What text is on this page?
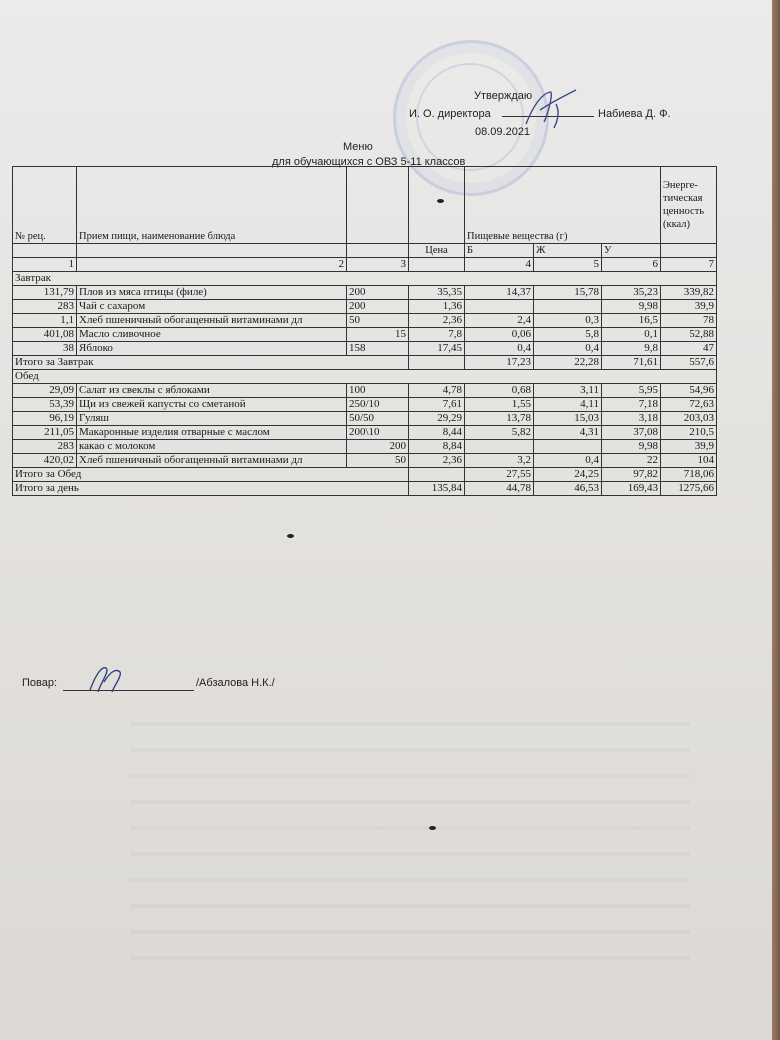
Утверждаю
И. О. директора	Набиева Д. Ф.
08.09.2021
Меню
для обучающихся с ОВЗ 5-11 классов
№ рец.	Прием пищи, наименование блюда			Пищевые вещества (г)			Энерге-тическая ценность (ккал)
			Цена	Б	Ж	У	
1	2	3		4	5	6	7
Завтрак							
131,79	Плов из мяса птицы (филе)	200	35,35	14,37	15,78	35,23	339,82
283	Чай с сахаром	200	1,36			9,98	39,9
1,1	Хлеб пшеничный обогащенный витаминами дл	50	2,36	2,4	0,3	16,5	78
401,08	Масло сливочное	15	7,8	0,06	5,8	0,1	52,88
38	Яблоко	158	17,45	0,4	0,4	9,8	47
Итого за Завтрак				17,23	22,28	71,61	557,6
Обед							
29,09	Салат из свеклы с яблоками	100	4,78	0,68	3,11	5,95	54,96
53,39	Щи из свежей капусты со сметаной	250/10	7,61	1,55	4,11	7,18	72,63
96,19	Гуляш	50/50	29,29	13,78	15,03	3,18	203,03
211,05	Макаронные изделия отварные с маслом	200\10	8,44	5,82	4,31	37,08	210,5
283	какао с молоком	200	8,84			9,98	39,9
420,02	Хлеб пшеничный обогащенный витаминами дл	50	2,36	3,2	0,4	22	104
Итого за Обед				27,55	24,25	97,82	718,06
Итого за день			135,84	44,78	46,53	169,43	1275,66
Повар:	/Абзалова Н.К./
